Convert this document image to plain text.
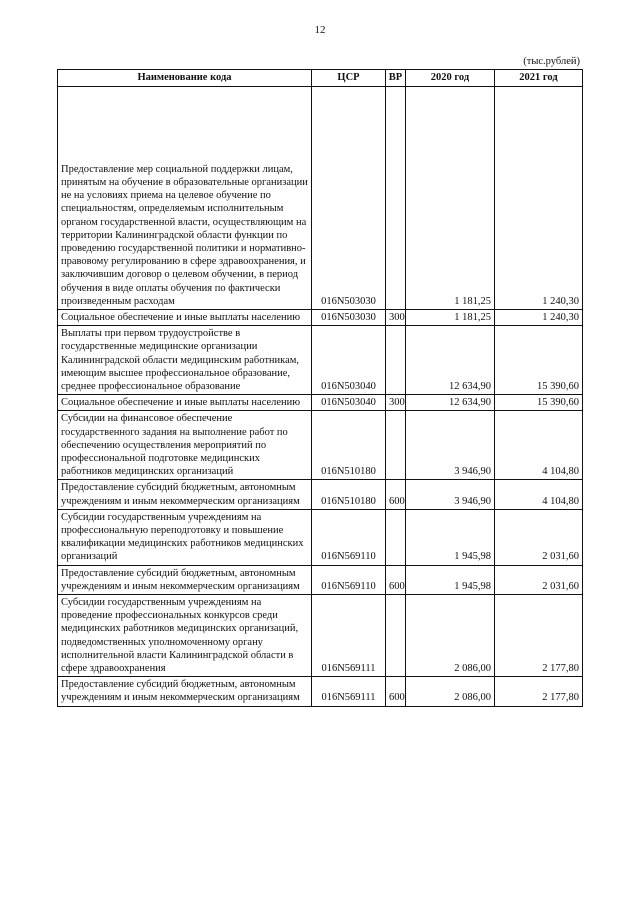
12
(тыс.рублей)
Наименование кода	ЦСР	ВР	2020 год	2021 год
Предоставление мер социальной поддержки лицам, принятым на обучение в образовательные организации не на условиях приема на целевое обучение по специальностям, определяемым исполнительным органом государственной власти, осуществляющим на территории Калининградской области функции по проведению государственной политики и нормативно-правовому регулированию в сфере здравоохранения, и заключившим договор о целевом обучении, в период обучения в виде оплаты обучения по фактически произведенным расходам	016N503030		1 181,25	1 240,30
Социальное обеспечение и иные выплаты населению	016N503030	300	1 181,25	1 240,30
Выплаты при первом трудоустройстве в государственные медицинские организации Калининградской области медицинским работникам, имеющим высшее профессиональное образование, среднее профессиональное образование	016N503040		12 634,90	15 390,60
Социальное обеспечение и иные выплаты населению	016N503040	300	12 634,90	15 390,60
Субсидии на финансовое обеспечение государственного задания на выполнение работ по обеспечению осуществления мероприятий по профессиональной подготовке медицинских работников медицинских организаций	016N510180		3 946,90	4 104,80
Предоставление субсидий бюджетным, автономным учреждениям и иным некоммерческим организациям	016N510180	600	3 946,90	4 104,80
Субсидии государственным учреждениям на профессиональную переподготовку и повышение квалификации медицинских работников медицинских организаций	016N569110		1 945,98	2 031,60
Предоставление субсидий бюджетным, автономным учреждениям и иным некоммерческим организациям	016N569110	600	1 945,98	2 031,60
Субсидии государственным учреждениям на проведение профессиональных конкурсов среди медицинских работников медицинских организаций, подведомственных уполномоченному органу исполнительной власти Калининградской области в сфере здравоохранения	016N569111		2 086,00	2 177,80
Предоставление субсидий бюджетным, автономным учреждениям и иным некоммерческим организациям	016N569111	600	2 086,00	2 177,80
